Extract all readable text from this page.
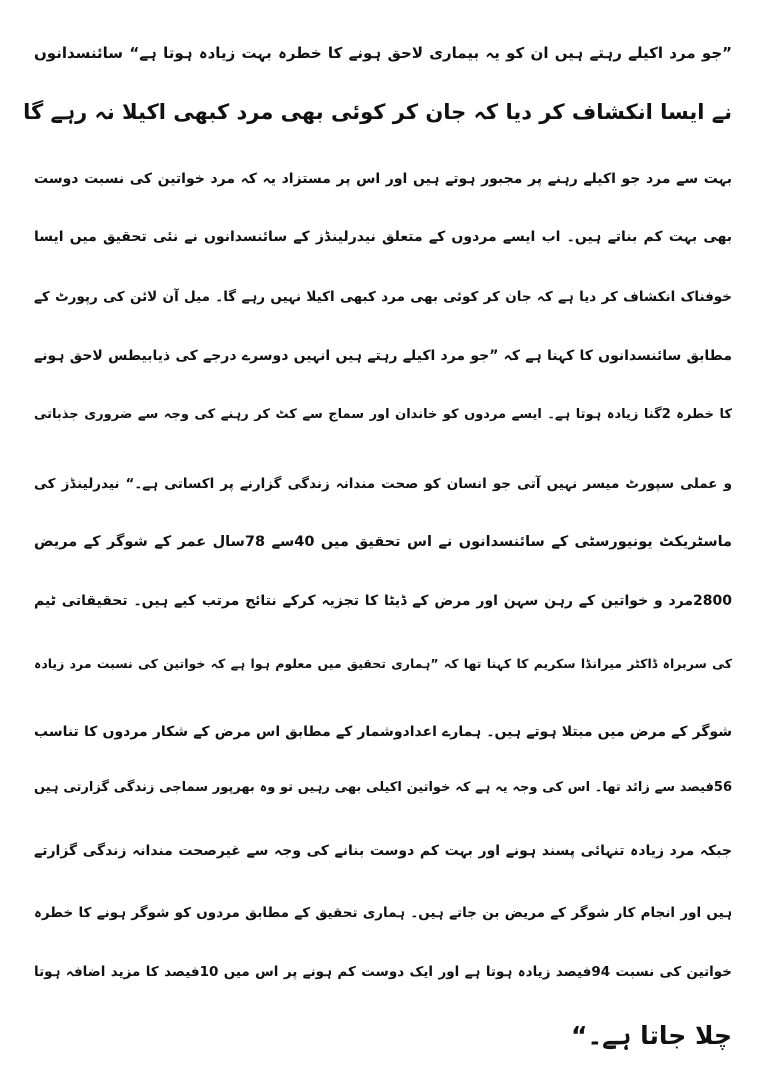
”جو مرد اکیلے رہتے ہیں ان کو یہ بیماری لاحق ہونے کا خطرہ بہت زیادہ ہوتا ہے“ سائنسدانوں
نے ایسا انکشاف کر دیا کہ جان کر کوئی بھی مرد کبھی اکیلا نہ رہے گا
بہت سے مرد جو اکیلے رہنے پر مجبور ہوتے ہیں اور اس پر مستزاد یہ کہ مرد خواتین کی نسبت دوست
بھی بہت کم بناتے ہیں۔ اب ایسے مردوں کے متعلق نیدرلینڈز کے سائنسدانوں نے نئی تحقیق میں ایسا
خوفناک انکشاف کر دیا ہے کہ جان کر کوئی بھی مرد کبھی اکیلا نہیں رہے گا۔ میل آن لائن کی رپورٹ کے
مطابق سائنسدانوں کا کہنا ہے کہ ”جو مرد اکیلے رہتے ہیں انہیں دوسرے درجے کی ذیابیطس لاحق ہونے
کا خطرہ 2گنا زیادہ ہوتا ہے۔ ایسے مردوں کو خاندان اور سماج سے کٹ کر رہنے کی وجہ سے ضروری جذباتی
و عملی سپورٹ میسر نہیں آتی جو انسان کو صحت مندانہ زندگی گزارنے پر اکساتی ہے۔“ نیدرلینڈز کی
ماسٹریکٹ یونیورسٹی کے سائنسدانوں نے اس تحقیق میں 40سے 78سال عمر کے شوگر کے مریض
2800مرد و خواتین کے رہن سہن اور مرض کے ڈیٹا کا تجزیہ کرکے نتائج مرتب کیے ہیں۔ تحقیقاتی ٹیم
کی سربراہ ڈاکٹر میرانڈا سکریم کا کہنا تھا کہ ”ہماری تحقیق میں معلوم ہوا ہے کہ خواتین کی نسبت مرد زیادہ
شوگر کے مرض میں مبتلا ہوتے ہیں۔ ہمارے اعدادوشمار کے مطابق اس مرض کے شکار مردوں کا تناسب
56فیصد سے زائد تھا۔ اس کی وجہ یہ ہے کہ خواتین اکیلی بھی رہیں تو وہ بھرپور سماجی زندگی گزارتی ہیں
جبکہ مرد زیادہ تنہائی پسند ہونے اور بہت کم دوست بنانے کی وجہ سے غیرصحت مندانہ زندگی گزارتے
ہیں اور انجام کار شوگر کے مریض بن جاتے ہیں۔ ہماری تحقیق کے مطابق مردوں کو شوگر ہونے کا خطرہ
خواتین کی نسبت 94فیصد زیادہ ہوتا ہے اور ایک دوست کم ہونے پر اس میں 10فیصد کا مزید اضافہ ہوتا
چلا جاتا ہے۔“
